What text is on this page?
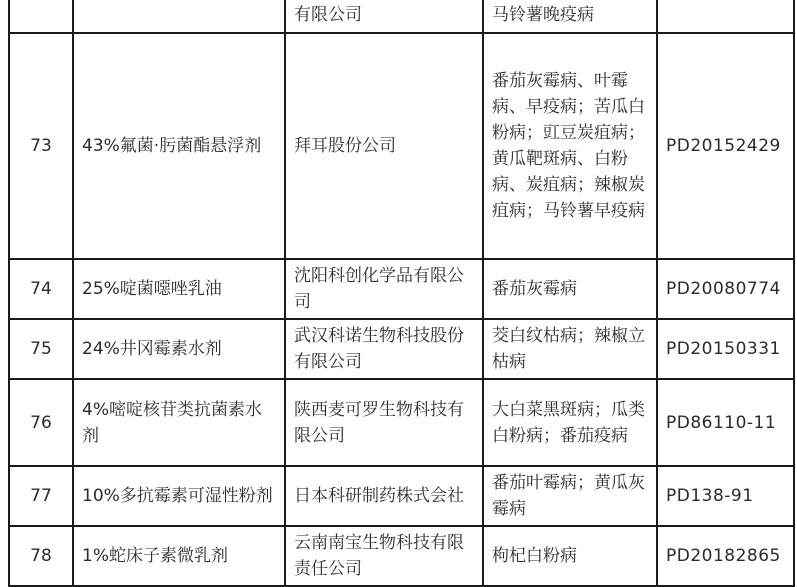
		有限公司	马铃薯晚疫病	
73	43%氟菌·肟菌酯悬浮剂	拜耳股份公司	番茄灰霉病、叶霉病、早疫病；苦瓜白粉病；豇豆炭疽病；黄瓜靶斑病、白粉病、炭疽病；辣椒炭疽病；马铃薯早疫病	PD20152429
74	25%啶菌噁唑乳油	沈阳科创化学品有限公司	番茄灰霉病	PD20080774
75	24%井冈霉素水剂	武汉科诺生物科技股份有限公司	茭白纹枯病；辣椒立枯病	PD20150331
76	4%嘧啶核苷类抗菌素水剂	陕西麦可罗生物科技有限公司	大白菜黑斑病；瓜类白粉病；番茄疫病	PD86110-11
77	10%多抗霉素可湿性粉剂	日本科研制药株式会社	番茄叶霉病；黄瓜灰霉病	PD138-91
78	1%蛇床子素微乳剂	云南南宝生物科技有限责任公司	枸杞白粉病	PD20182865
